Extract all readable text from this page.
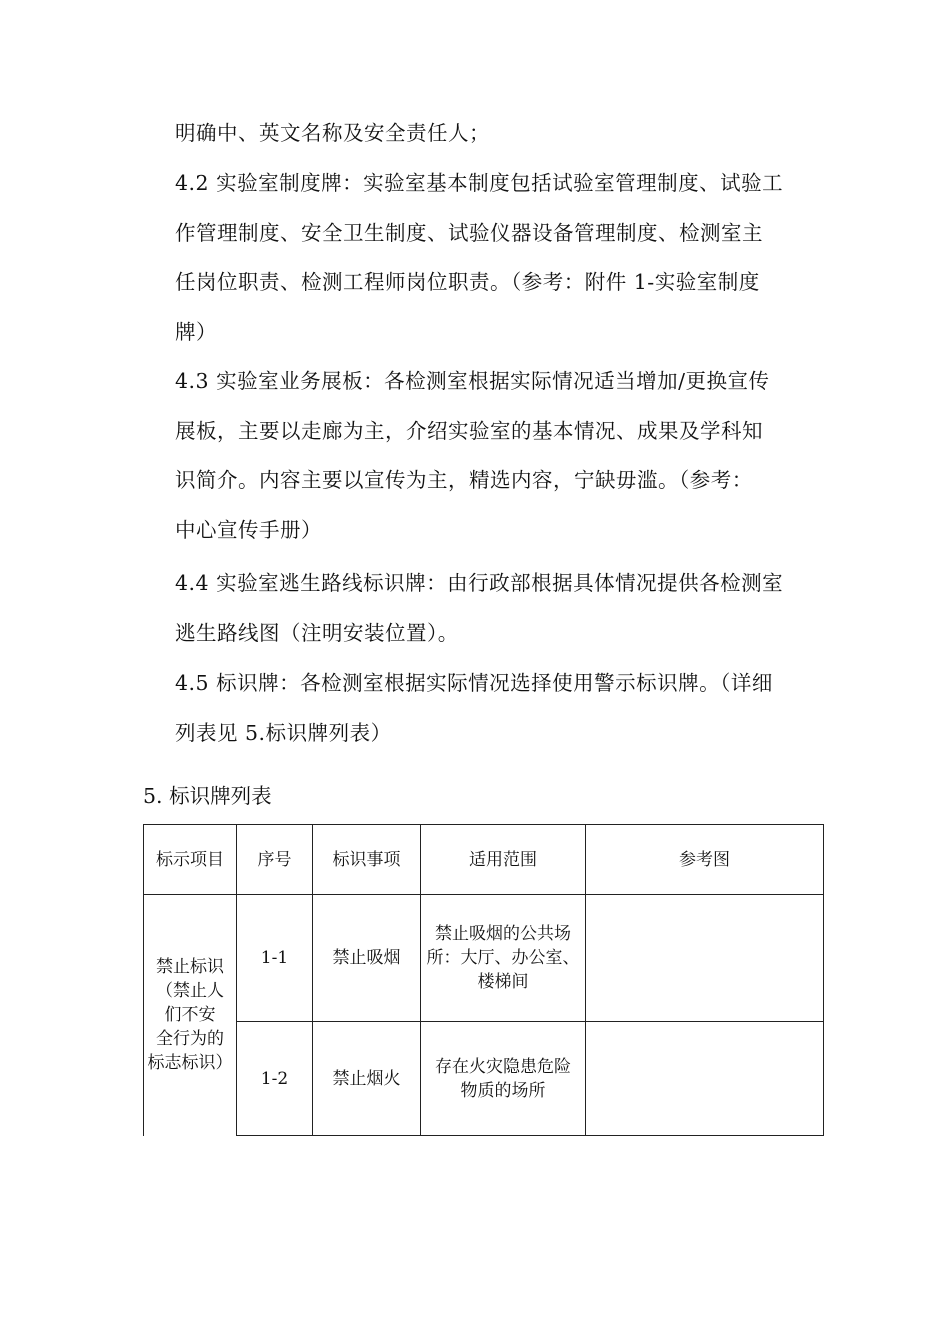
明确中、英文名称及安全责任人；
4.2 实验室制度牌：实验室基本制度包括试验室管理制度、试验工
作管理制度、安全卫生制度、试验仪器设备管理制度、检测室主
任岗位职责、检测工程师岗位职责。（参考：附件 1-实验室制度
牌）
4.3 实验室业务展板：各检测室根据实际情况适当增加/更换宣传
展板，主要以走廊为主，介绍实验室的基本情况、成果及学科知
识简介。内容主要以宣传为主，精选内容，宁缺毋滥。（参考：
中心宣传手册）
4.4 实验室逃生路线标识牌：由行政部根据具体情况提供各检测室
逃生路线图（注明安装位置）。
4.5 标识牌：各检测室根据实际情况选择使用警示标识牌。（详细
列表见 5.标识牌列表）
5. 标识牌列表
标示项目	序号	标识事项	适用范围	参考图

禁止标识
（禁止人
们不安
全行为的
标志标识）	1-1	禁止吸烟	禁止吸烟的公共场
所：大厅、办公室、
楼梯间	

	1-2	禁止烟火	存在火灾隐患危险
物质的场所	
